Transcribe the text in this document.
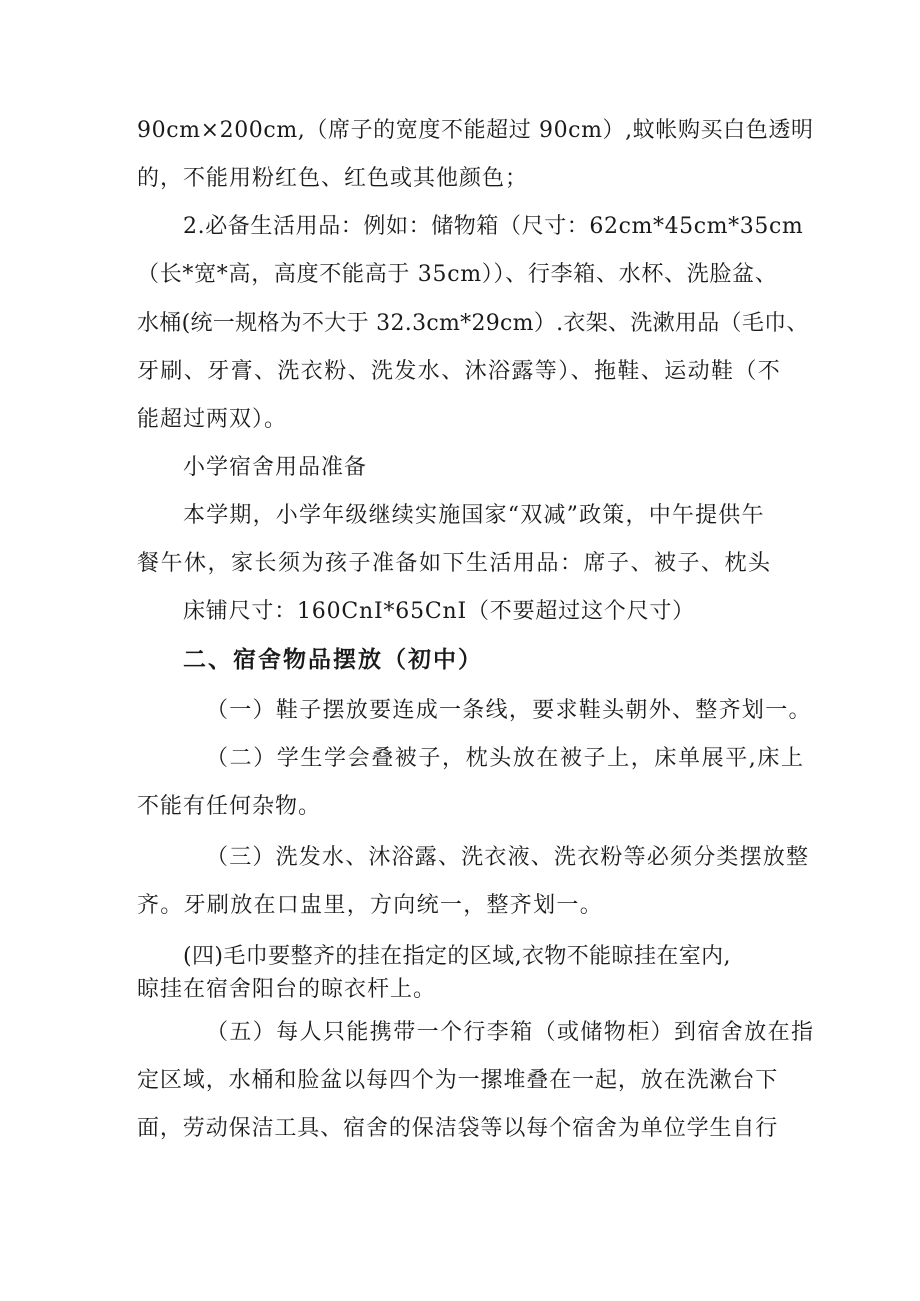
90cm×200cm,（席子的宽度不能超过 90cm）,蚊帐购买白色透明
的，不能用粉红色、红色或其他颜色；
2.必备生活用品：例如：储物箱（尺寸：62cm*45cm*35cm
（长*宽*高，高度不能高于 35cm））、行李箱、水杯、洗脸盆、
水桶(统一规格为不大于 32.3cm*29cm）.衣架、洗漱用品（毛巾、
牙刷、牙膏、洗衣粉、洗发水、沐浴露等）、拖鞋、运动鞋（不
能超过两双）。
小学宿舍用品准备
本学期，小学年级继续实施国家“双减”政策，中午提供午
餐午休，家长须为孩子准备如下生活用品：席子、被子、枕头
床铺尺寸：160CnI*65CnI（不要超过这个尺寸）
二、宿舍物品摆放（初中）
（一）鞋子摆放要连成一条线，要求鞋头朝外、整齐划一。
（二）学生学会叠被子，枕头放在被子上，床单展平,床上
不能有任何杂物。
（三）洗发水、沐浴露、洗衣液、洗衣粉等必须分类摆放整
齐。牙刷放在口盅里，方向统一，整齐划一。
(四)毛巾要整齐的挂在指定的区域,衣物不能晾挂在室内,
晾挂在宿舍阳台的晾衣杆上。
（五）每人只能携带一个行李箱（或储物柜）到宿舍放在指
定区域，水桶和脸盆以每四个为一摞堆叠在一起，放在洗漱台下
面，劳动保洁工具、宿舍的保洁袋等以每个宿舍为单位学生自行
